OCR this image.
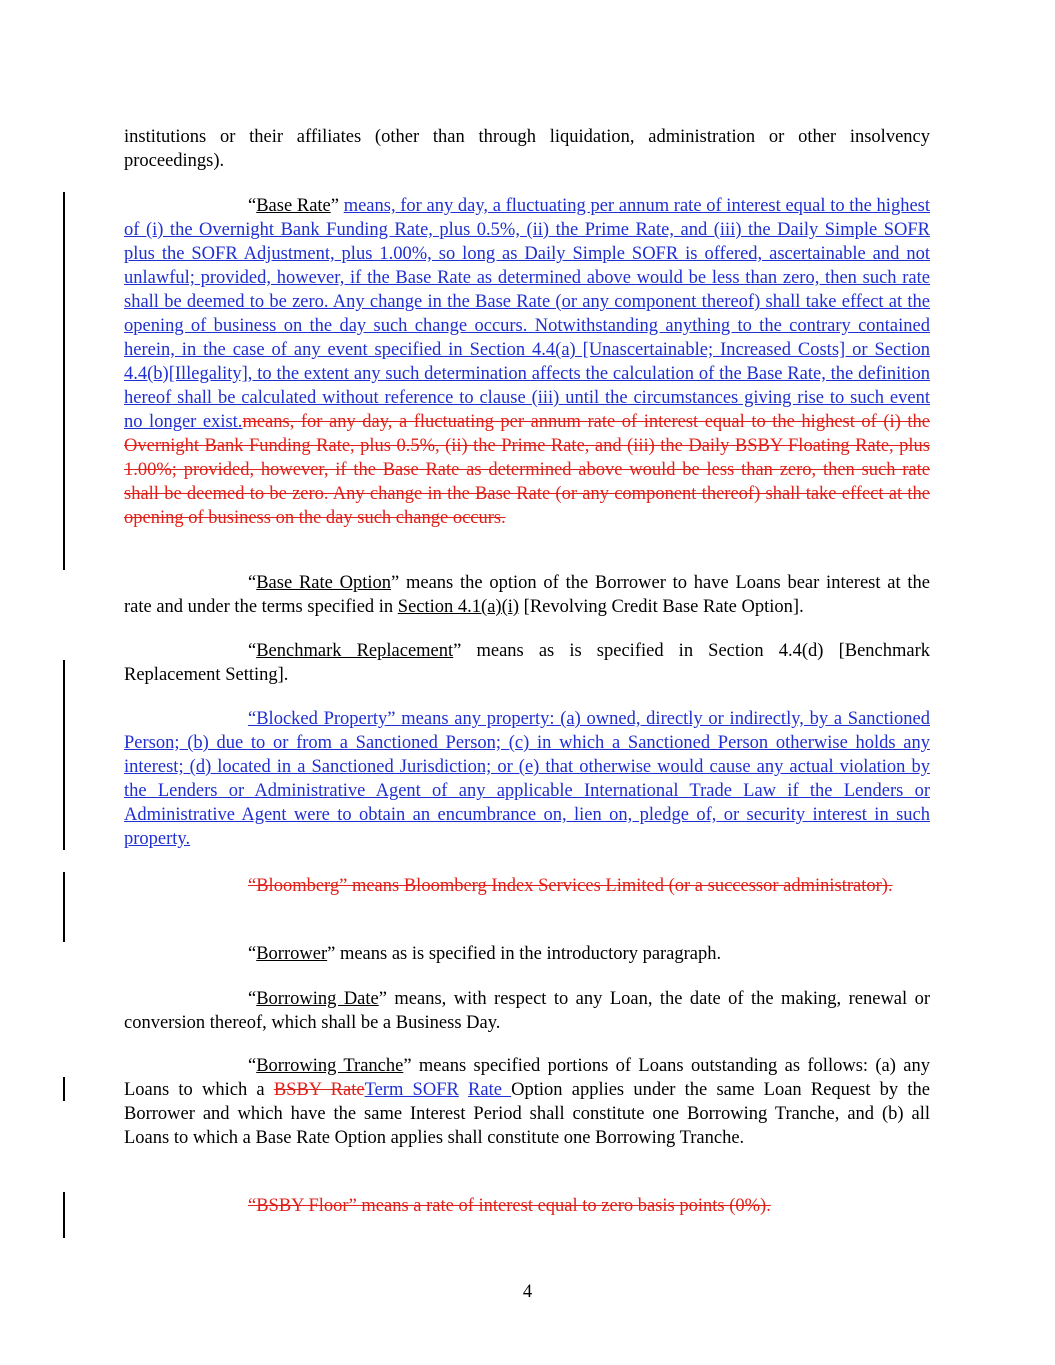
institutions or their affiliates (other than through liquidation, administration or other insolvency proceedings).

“Base Rate” means, for any day, a fluctuating per annum rate of interest equal to the highest of (i) the Overnight Bank Funding Rate, plus 0.5%, (ii) the Prime Rate, and (iii) the Daily Simple SOFR plus the SOFR Adjustment, plus 1.00%, so long as Daily Simple SOFR is offered, ascertainable and not unlawful; provided, however, if the Base Rate as determined above would be less than zero, then such rate shall be deemed to be zero. Any change in the Base Rate (or any component thereof) shall take effect at the opening of business on the day such change occurs. Notwithstanding anything to the contrary contained herein, in the case of any event specified in Section 4.4(a) [Unascertainable; Increased Costs] or Section 4.4(b)[Illegality], to the extent any such determination affects the calculation of the Base Rate, the definition hereof shall be calculated without reference to clause (iii) until the circumstances giving rise to such event no longer exist.means, for any day, a fluctuating per annum rate of interest equal to the highest of (i) the Overnight Bank Funding Rate, plus 0.5%, (ii) the Prime Rate, and (iii) the Daily BSBY Floating Rate, plus 1.00%; provided, however, if the Base Rate as determined above would be less than zero, then such rate shall be deemed to be zero. Any change in the Base Rate (or any component thereof) shall take effect at the opening of business on the day such change occurs.

“Base Rate Option” means the option of the Borrower to have Loans bear interest at the rate and under the terms specified in Section 4.1(a)(i) [Revolving Credit Base Rate Option].

“Benchmark Replacement” means as is specified in Section 4.4(d) [Benchmark Replacement Setting].

“Blocked Property” means any property: (a) owned, directly or indirectly, by a Sanctioned Person; (b) due to or from a Sanctioned Person; (c) in which a Sanctioned Person otherwise holds any interest; (d) located in a Sanctioned Jurisdiction; or (e) that otherwise would cause any actual violation by the Lenders or Administrative Agent of any applicable International Trade Law if the Lenders or Administrative Agent were to obtain an encumbrance on, lien on, pledge of, or security interest in such property.

“Bloomberg” means Bloomberg Index Services Limited (or a successor administrator).

“Borrower” means as is specified in the introductory paragraph.

“Borrowing Date” means, with respect to any Loan, the date of the making, renewal or conversion thereof, which shall be a Business Day.

“Borrowing Tranche” means specified portions of Loans outstanding as follows: (a) any Loans to which a BSBY RateTerm SOFR Rate Option applies under the same Loan Request by the Borrower and which have the same Interest Period shall constitute one Borrowing Tranche, and (b) all Loans to which a Base Rate Option applies shall constitute one Borrowing Tranche.

“BSBY Floor” means a rate of interest equal to zero basis points (0%).

4
